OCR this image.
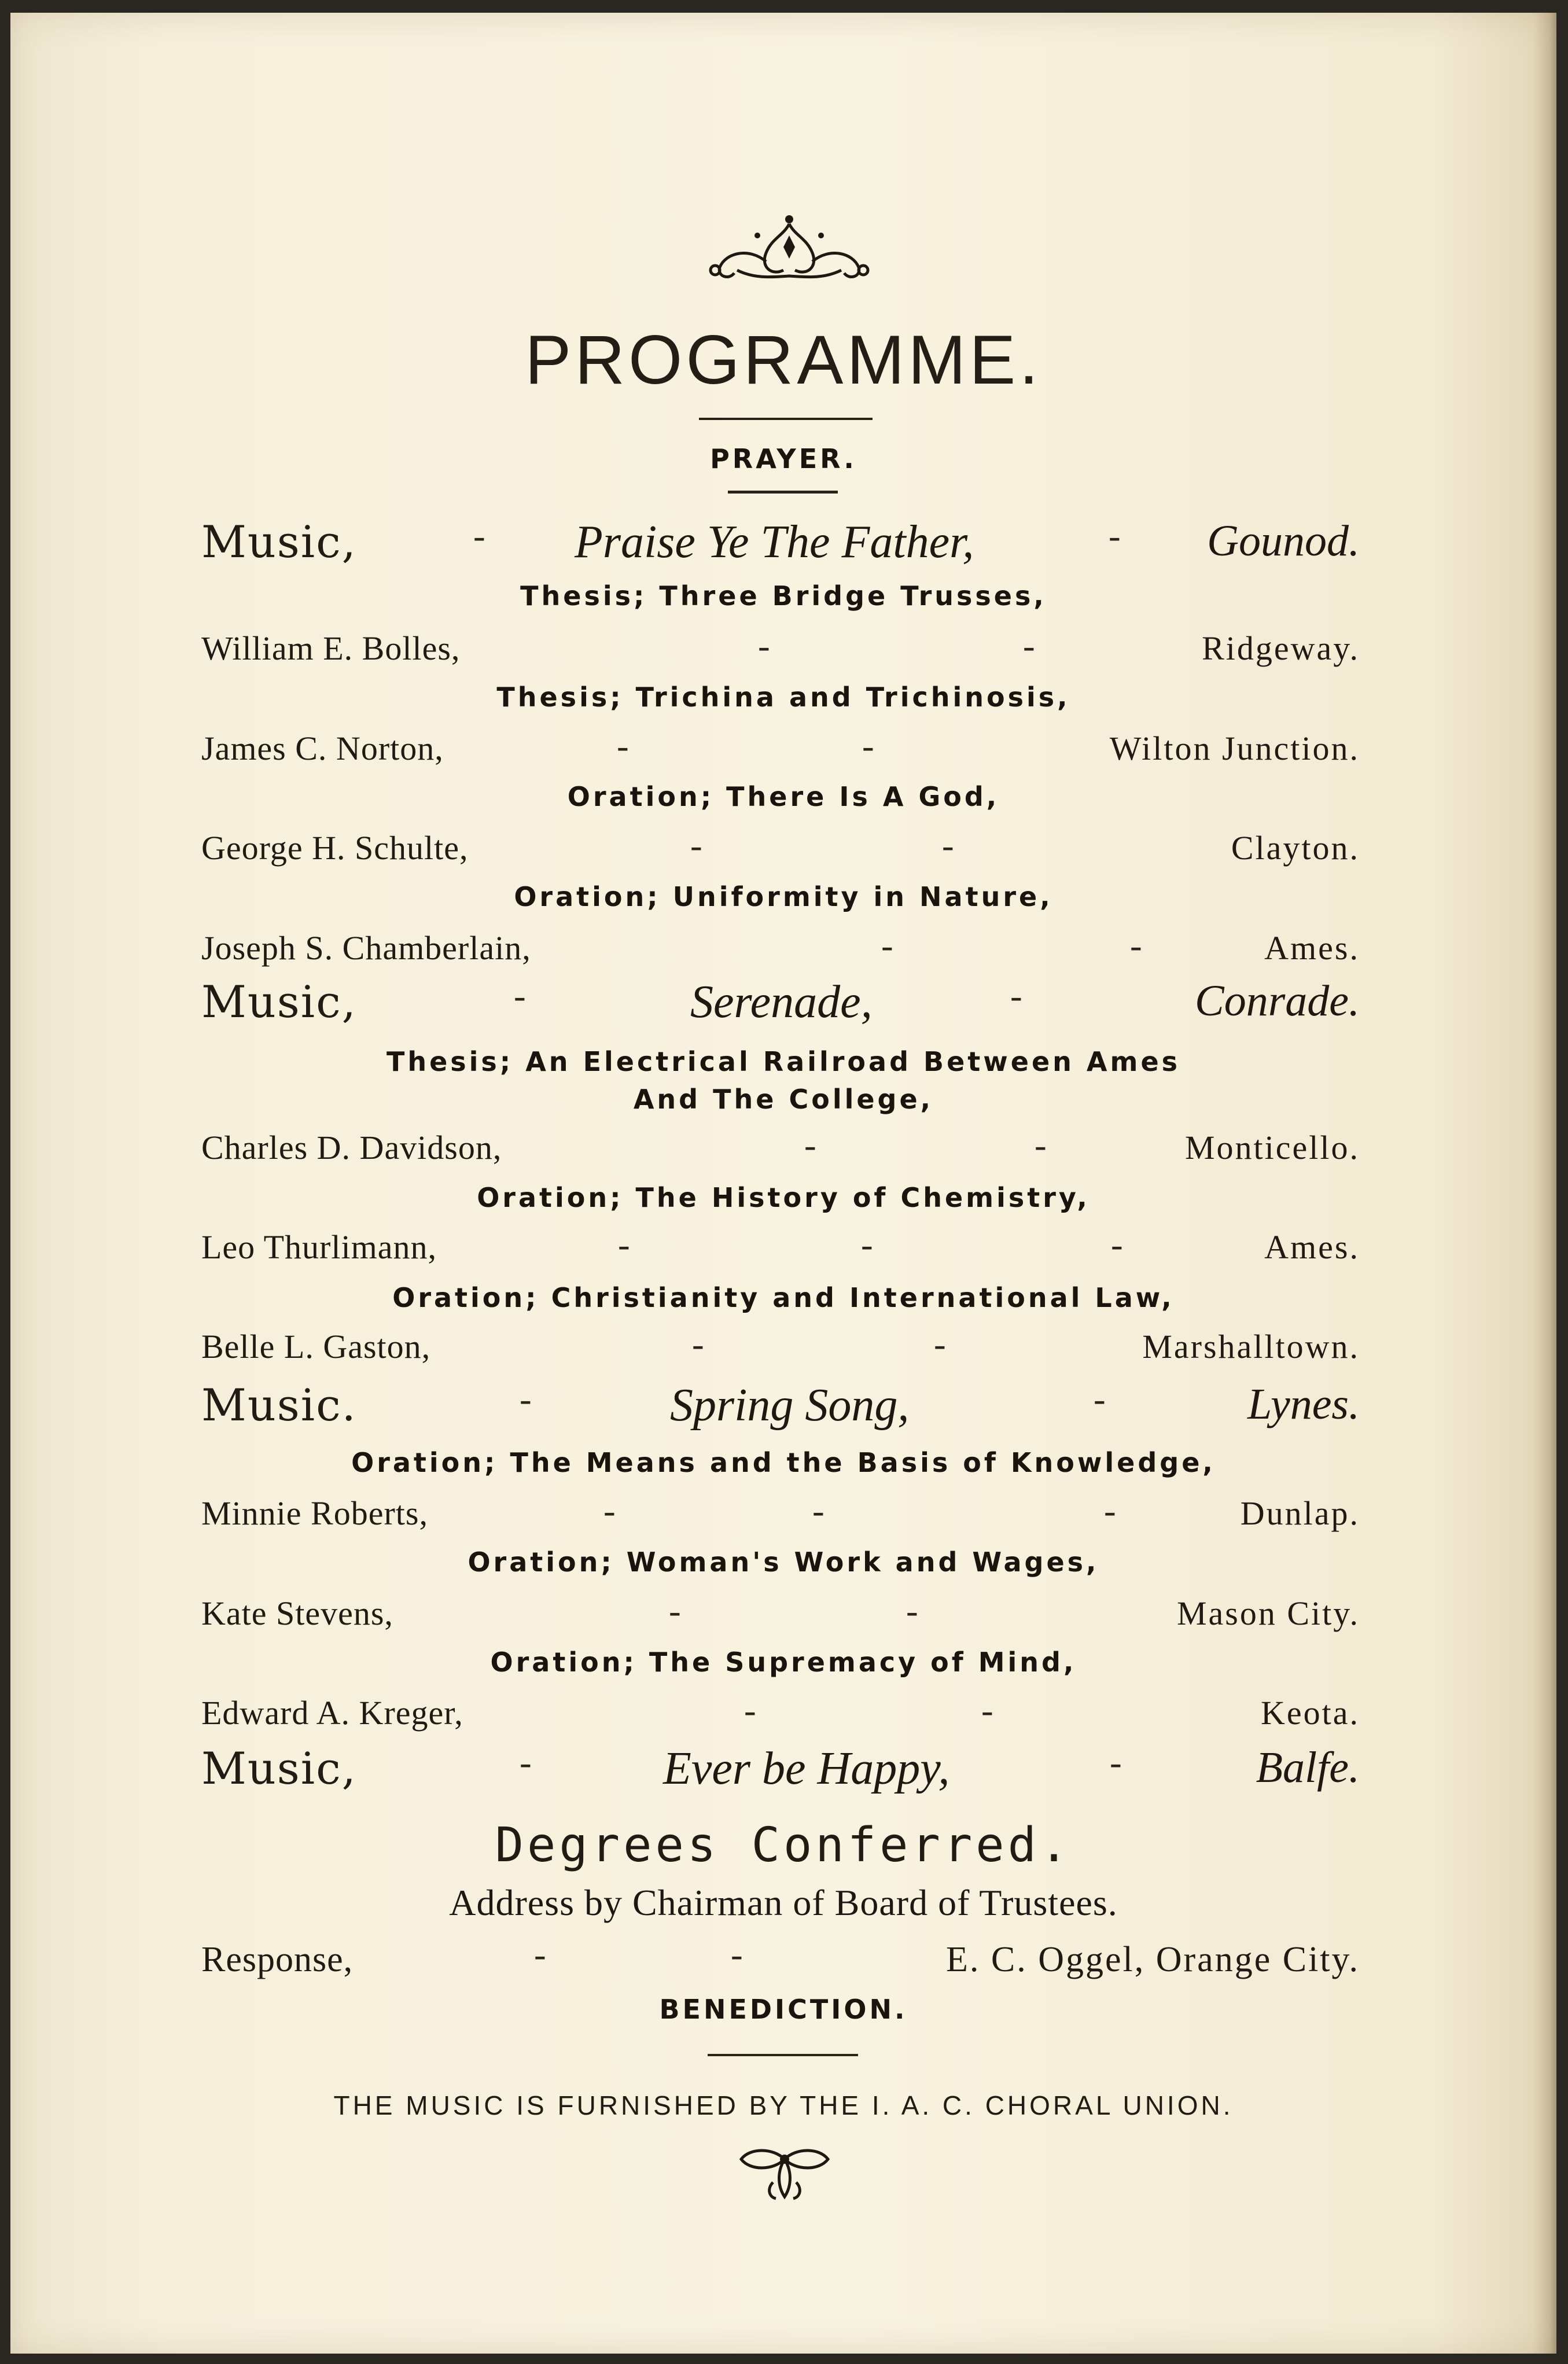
PROGRAMME.
PRAYER.
Music,	- Praise Ye The Father,	- Gounod.
Thesis; Three Bridge Trusses,
William E. Bolles,	-	-	Ridgeway.
Thesis; Trichina and Trichinosis,
James C. Norton,	-	-	Wilton Junction.
Oration; There Is A God,
George H. Schulte,	-	-	Clayton.
Oration; Uniformity in Nature,
Joseph S. Chamberlain,	-	-	Ames.
Music,	-	Serenade,	-	Conrade.
Thesis; An Electrical Railroad Between Ames
And The College,
Charles D. Davidson,	-	-	Monticello.
Oration; The History of Chemistry,
Leo Thurlimann,	-	-	-	Ames.
Oration; Christianity and International Law,
Belle L. Gaston,	-	-	Marshalltown.
Music.	-	Spring Song,	-	Lynes.
Oration; The Means and the Basis of Knowledge,
Minnie Roberts,	-	-	-	Dunlap.
Oration; Woman's Work and Wages,
Kate Stevens,	-	-	Mason City.
Oration; The Supremacy of Mind,
Edward A. Kreger,	-	-	Keota.
Music,	-	Ever be Happy,	-	Balfe.
Degrees Conferred.
Address by Chairman of Board of Trustees.
Response,	-	-	E. C. Oggel, Orange City.
BENEDICTION.
THE MUSIC IS FURNISHED BY THE I. A. C. CHORAL UNION.
